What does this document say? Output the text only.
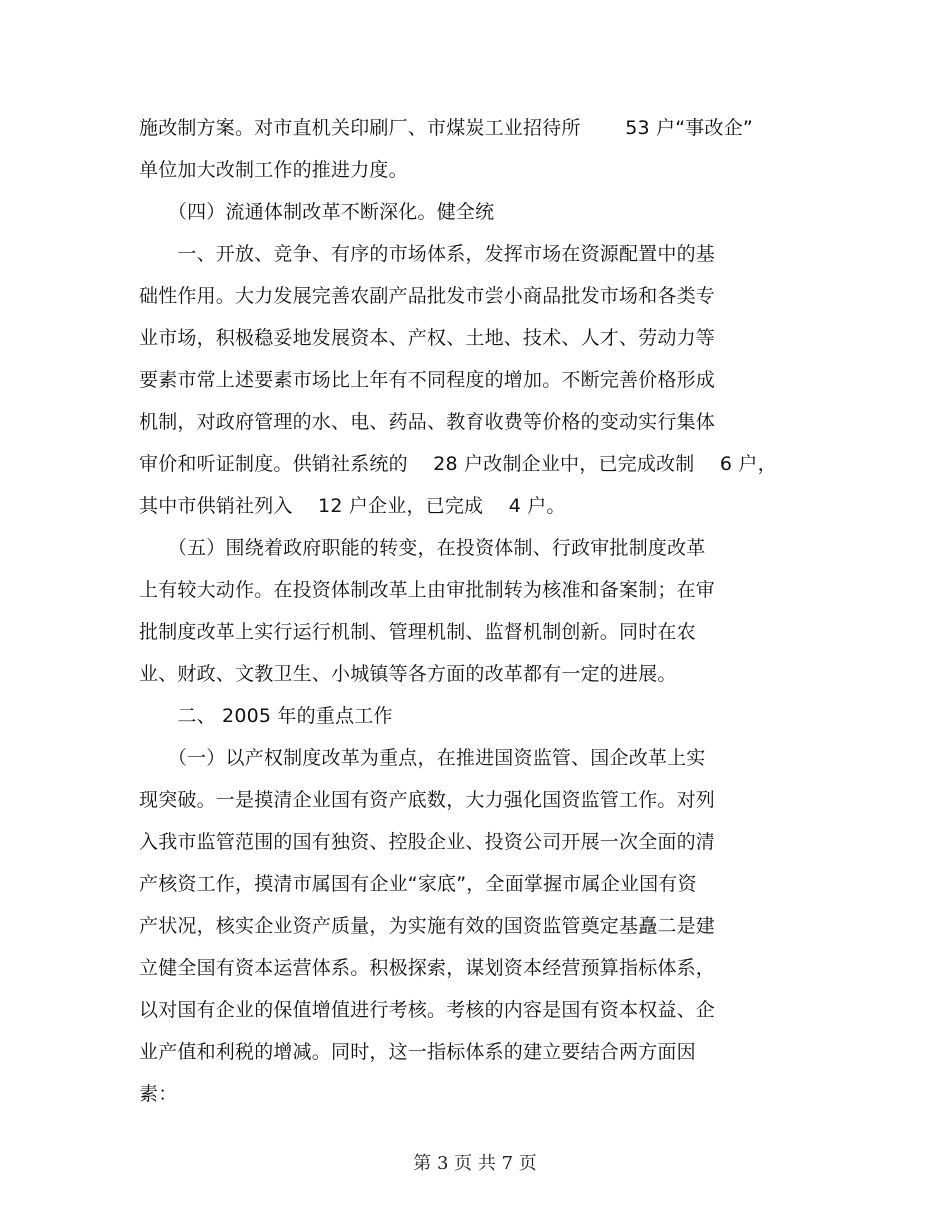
施改制方案。对市直机关印刷厂、市煤炭工业招待所 　　53 户“事改企”
单位加大改制工作的推进力度。
　　（四）流通体制改革不断深化。健全统
　　一、开放、竞争、有序的市场体系，发挥市场在资源配置中的基
础性作用。大力发展完善农副产品批发市尝小商品批发市场和各类专
业市场，积极稳妥地发展资本、产权、土地、技术、人才、劳动力等
要素市常上述要素市场比上年有不同程度的增加。不断完善价格形成
机制，对政府管理的水、电、药品、教育收费等价格的变动实行集体
审价和听证制度。供销社系统的 　28 户改制企业中，已完成改制 　6 户，
其中市供销社列入 　12 户企业，已完成 　4 户。
　　（五）围绕着政府职能的转变，在投资体制、行政审批制度改革
上有较大动作。在投资体制改革上由审批制转为核准和备案制；在审
批制度改革上实行运行机制、管理机制、监督机制创新。同时在农
业、财政、文教卫生、小城镇等各方面的改革都有一定的进展。
　　二、 2005 年的重点工作
　　（一）以产权制度改革为重点，在推进国资监管、国企改革上实
现突破。一是摸清企业国有资产底数，大力强化国资监管工作。对列
入我市监管范围的国有独资、控股企业、投资公司开展一次全面的清
产核资工作，摸清市属国有企业“家底”，全面掌握市属企业国有资
产状况，核实企业资产质量，为实施有效的国资监管奠定基矗二是建
立健全国有资本运营体系。积极探索，谋划资本经营预算指标体系，
以对国有企业的保值增值进行考核。考核的内容是国有资本权益、企
业产值和利税的增减。同时，这一指标体系的建立要结合两方面因
素：
第 3 页 共 7 页
